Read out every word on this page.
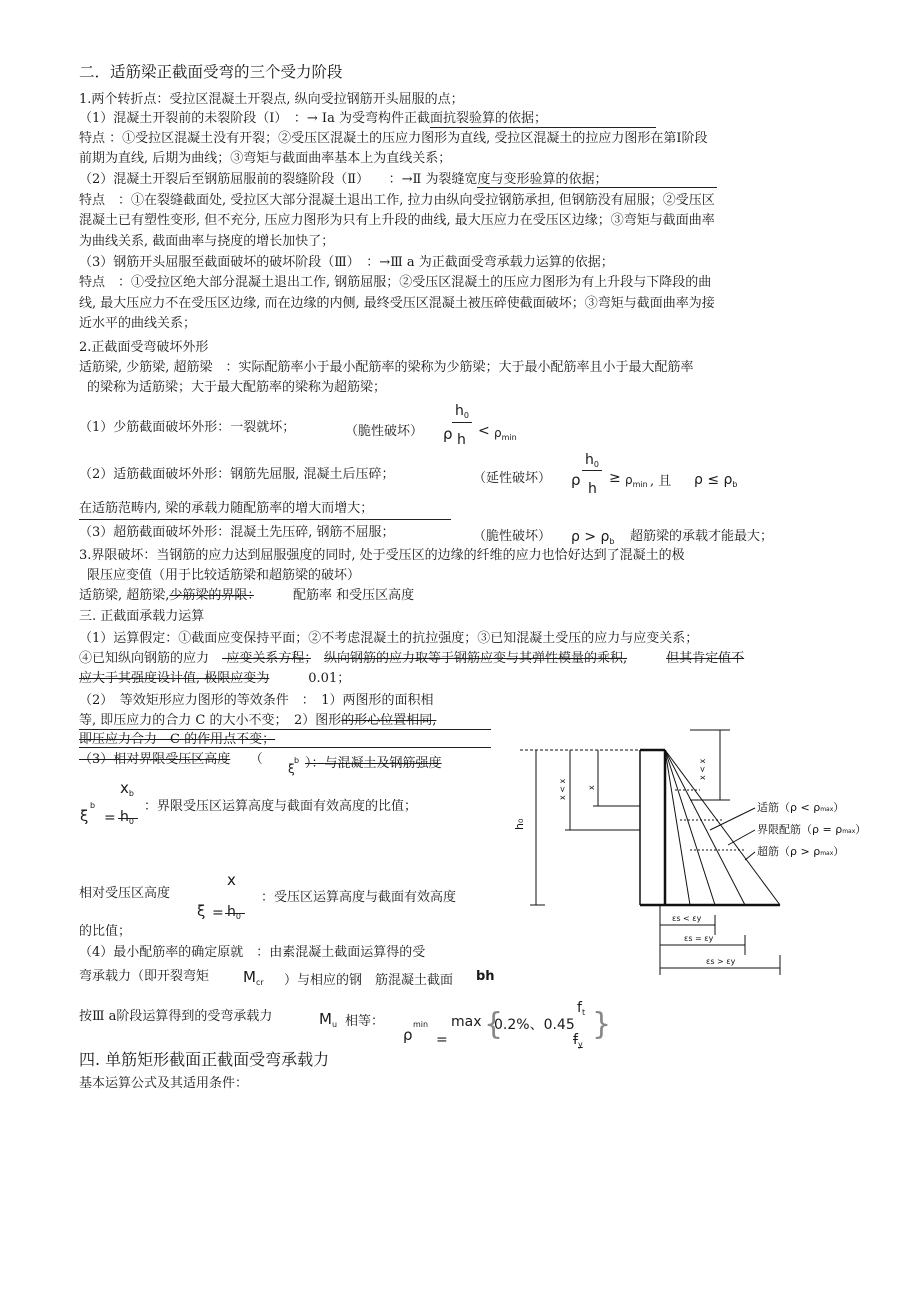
二．适筋梁正截面受弯的三个受力阶段
1.两个转折点：受拉区混凝土开裂点, 纵向受拉钢筋开头屈服的点；
（1）混凝土开裂前的未裂阶段（Ⅰ）　：→ Ⅰa 为受弯构件正截面抗裂验算的依据；
特点 ：①受拉区混凝土没有开裂；②受压区混凝土的压应力图形为直线, 受拉区混凝土的拉应力图形在第Ⅰ阶段
前期为直线, 后期为曲线；③弯矩与截面曲率基本上为直线关系；
（2）混凝土开裂后至钢筋屈服前的裂缝阶段（Ⅱ）　　：→Ⅱ 为裂缝宽度与变形验算的依据；
特点　：①在裂缝截面处, 受拉区大部分混凝土退出工作, 拉力由纵向受拉钢筋承担, 但钢筋没有屈服；②受压区
混凝土已有塑性变形, 但不充分, 压应力图形为只有上升段的曲线, 最大压应力在受压区边缘；③弯矩与截面曲率
为曲线关系, 截面曲率与挠度的增长加快了；
（3）钢筋开头屈服至截面破坏的破坏阶段（Ⅲ）　：→Ⅲ a 为正截面受弯承载力运算的依据；
特点　：①受拉区绝大部分混凝土退出工作, 钢筋屈服；②受压区混凝土的压应力图形为有上升段与下降段的曲
线, 最大压应力不在受压区边缘, 而在边缘的内侧, 最终受压区混凝土被压碎使截面破坏；③弯矩与截面曲率为接
近水平的曲线关系；
2.正截面受弯破坏外形
适筋梁, 少筋梁, 超筋梁　：实际配筋率小于最小配筋率的梁称为少筋梁；大于最小配筋率且小于最大配筋率
的梁称为适筋梁；大于最大配筋率的梁称为超筋梁；
（1）少筋截面破坏外形：一裂就坏；	（脆性破坏） ρ
$h_0$
h
< $\rho_{min}$
（2）适筋截面破坏外形：钢筋先屈服, 混凝土后压碎；	（延性破坏） ρ
$h_0$
h
≥ $\rho_{min}$ , 且 $\rho \le \rho_b$
在适筋范畴内, 梁的承载力随配筋率的增大而增大；
（3）超筋截面破坏外形：混凝土先压碎, 钢筋不屈服；	（脆性破坏） $\rho > \rho_b$ 超筋梁的承载才能最大；
3.界限破坏：当钢筋的应力达到屈服强度的同时, 处于受压区的边缘的纤维的应力也恰好达到了混凝土的极
限压应变值（用于比较适筋梁和超筋梁的破坏）
适筋梁, 超筋梁,少筋梁的界限：　　　	配筋率 和受压区高度
三. 正截面承载力运算
（1）运算假定：①截面应变保持平面；②不考虑混凝土的抗拉强度；③已知混凝土受压的应力与应变关系；
④已知纵向钢筋的应力　 -应变关系方程；　 纵向钢筋的应力取等于钢筋应变与其弹性模量的乘积,　　　	但其肯定值不
应大于其强度设计值, 极限应变为　　　	0.01；
（2）　等效矩形应力图形的等效条件　：　1）两图形的面积相
等, 即压应力的合力 C 的大小不变；　2）图形的形心位置相同,
即压应力合力　C 的作用点不变；
（3）相对界限受压区高度　　 （
ξ
b ）：与混凝土及钢筋强度
$x_b$
ξ
b
= $h_0$
：界限受压区运算高度与截面有效高度的比值；
x
相对受压区高度	：受压区运算高度与截面有效高度
$\xi = h_0$
的比值；
（4）最小配筋率的确定原就　：由素混凝土截面运算得的受
弯承载力（即开裂弯矩 $M_{cr}$ ）与相应的钢　筋混凝土截面 bh
按Ⅲ a阶段运算得到的受弯承载力	$M_u$ 相等：
ρ
min
=
max {
0.2%、0.45
$f_t$
$f_y$
}
四. 单筋矩形截面正截面受弯承载力
基本运算公式及其适用条件：
h₀
x < x	x
x < x
适筋（ρ < ρmax）
界限配筋（ρ = ρmax）
超筋（ρ > ρmax）
εs < εy
εs = εy
εs > εy
